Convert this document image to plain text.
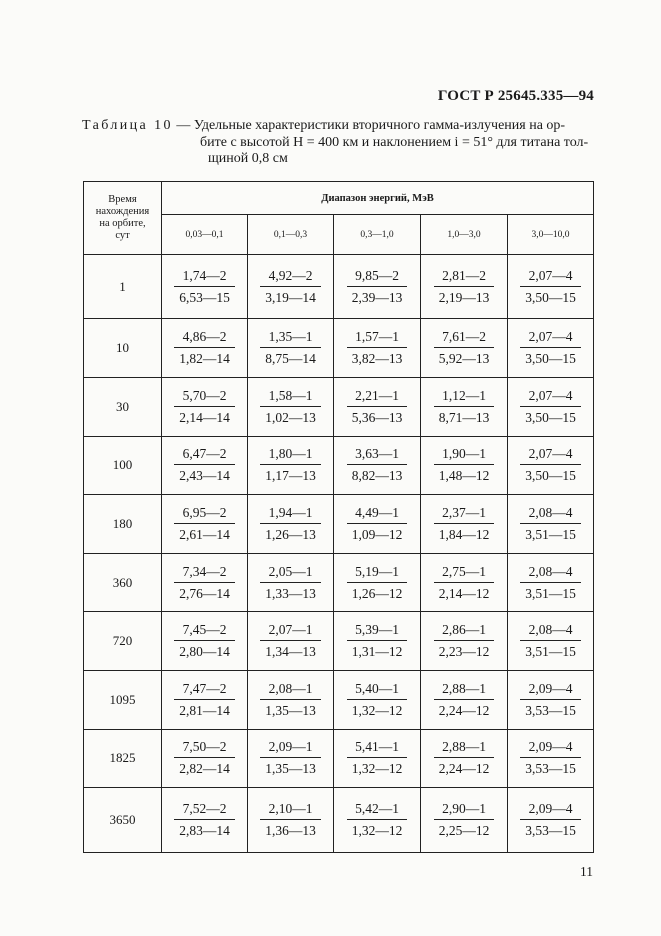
ГОСТ Р 25645.335—94
Таблица 10 — Удельные характеристики вторичного гамма-излучения на ор-
бите с высотой H = 400 км и наклонением i = 51° для титана тол-
щиной 0,8 см
Время
нахождения
на орбите,
сут	Диапазон энергий, МэВ				
	0,03—0,1	0,1—0,3	0,3—1,0	1,0—3,0	3,0—10,0
1	$\frac{1,74—2}{6,53—15}$	$\frac{4,92—2}{3,19—14}$	$\frac{9,85—2}{2,39—13}$	$\frac{2,81—2}{2,19—13}$	$\frac{2,07—4}{3,50—15}$

10	$\frac{4,86—2}{1,82—14}$	$\frac{1,35—1}{8,75—14}$	$\frac{1,57—1}{3,82—13}$	$\frac{7,61—2}{5,92—13}$	$\frac{2,07—4}{3,50—15}$

30	$\frac{5,70—2}{2,14—14}$	$\frac{1,58—1}{1,02—13}$	$\frac{2,21—1}{5,36—13}$	$\frac{1,12—1}{8,71—13}$	$\frac{2,07—4}{3,50—15}$

100	$\frac{6,47—2}{2,43—14}$	$\frac{1,80—1}{1,17—13}$	$\frac{3,63—1}{8,82—13}$	$\frac{1,90—1}{1,48—12}$	$\frac{2,07—4}{3,50—15}$

180	$\frac{6,95—2}{2,61—14}$	$\frac{1,94—1}{1,26—13}$	$\frac{4,49—1}{1,09—12}$	$\frac{2,37—1}{1,84—12}$	$\frac{2,08—4}{3,51—15}$

360	$\frac{7,34—2}{2,76—14}$	$\frac{2,05—1}{1,33—13}$	$\frac{5,19—1}{1,26—12}$	$\frac{2,75—1}{2,14—12}$	$\frac{2,08—4}{3,51—15}$

720	$\frac{7,45—2}{2,80—14}$	$\frac{2,07—1}{1,34—13}$	$\frac{5,39—1}{1,31—12}$	$\frac{2,86—1}{2,23—12}$	$\frac{2,08—4}{3,51—15}$

1095	$\frac{7,47—2}{2,81—14}$	$\frac{2,08—1}{1,35—13}$	$\frac{5,40—1}{1,32—12}$	$\frac{2,88—1}{2,24—12}$	$\frac{2,09—4}{3,53—15}$

1825	$\frac{7,50—2}{2,82—14}$	$\frac{2,09—1}{1,35—13}$	$\frac{5,41—1}{1,32—12}$	$\frac{2,88—1}{2,24—12}$	$\frac{2,09—4}{3,53—15}$

3650	$\frac{7,52—2}{2,83—14}$	$\frac{2,10—1}{1,36—13}$	$\frac{5,42—1}{1,32—12}$	$\frac{2,90—1}{2,25—12}$	$\frac{2,09—4}{3,53—15}$
11
